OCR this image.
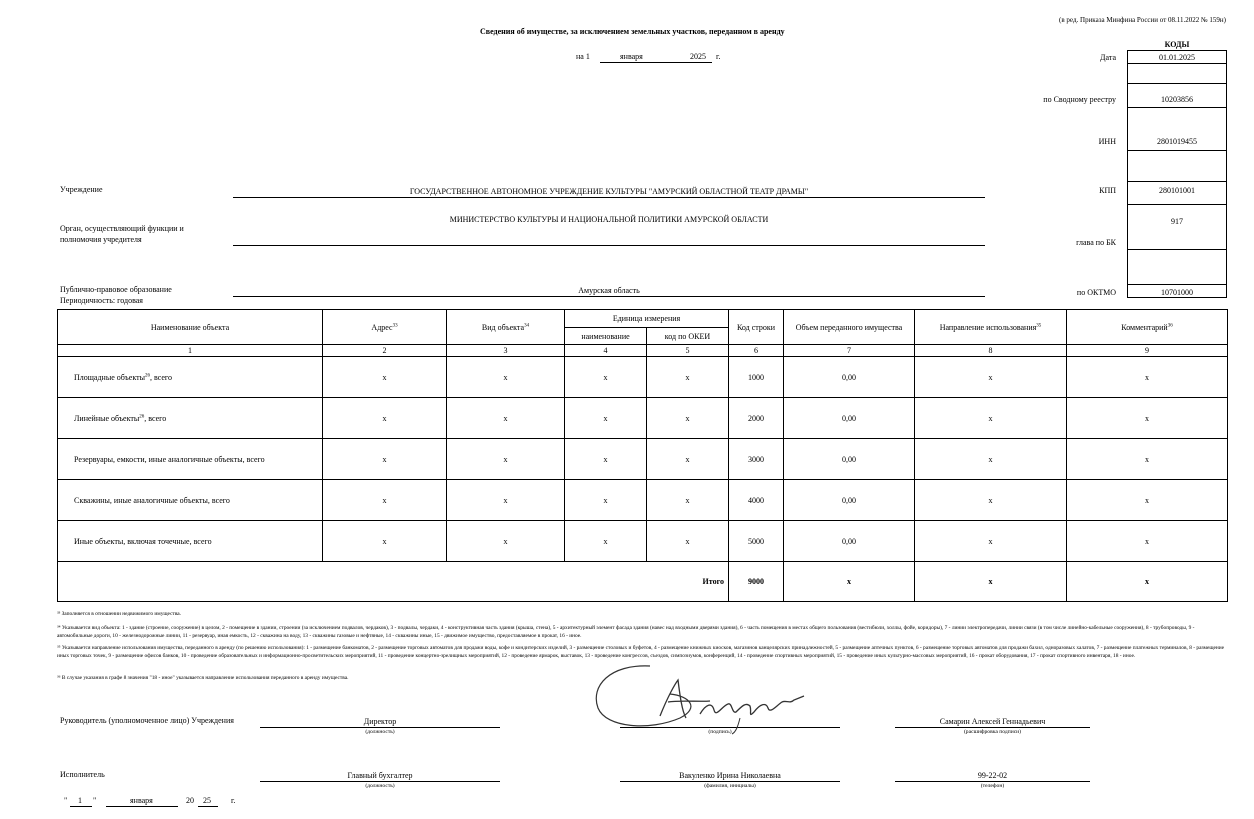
(в ред. Приказа Минфина России от 08.11.2022 № 159н)
Сведения об имуществе, за исключением земельных участков, переданном в аренду
на 1	января	2025 г.
КОДЫ
Дата	01.01.2025
по Сводному реестру	10203856
ИНН	2801019455
КПП	280101001
917
глава по БК
по ОКТМО	10701000
Учреждение	ГОСУДАРСТВЕННОЕ АВТОНОМНОЕ УЧРЕЖДЕНИЕ КУЛЬТУРЫ "АМУРСКИЙ ОБЛАСТНОЙ ТЕАТР ДРАМЫ"
Орган, осуществляющий функции и
полномочия учредителя
МИНИСТЕРСТВО КУЛЬТУРЫ И НАЦИОНАЛЬНОЙ ПОЛИТИКИ АМУРСКОЙ ОБЛАСТИ
Публично-правовое образование	Амурская область
Периодичность: годовая
Наименование объекта	Адрес$^{33}$	Вид объекта$^{34}$	Единица измерения		Код строки	Объем переданного имущества	Направление использования$^{35}$	Комментарий$^{36}$
			наименование	код по ОКЕИ				
1	2	3	4	5	6	7	8	9
Площадные объекты$^{26}$, всего	х	х	х	х	1000	0,00	х	х
Линейные объекты$^{26}$, всего	х	х	х	х	2000	0,00	х	х
Резервуары, емкости, иные аналогичные объекты, всего	х	х	х	х	3000	0,00	х	х
Скважины, иные аналогичные объекты, всего	х	х	х	х	4000	0,00	х	х
Иные объекты, включая точечные, всего	х	х	х	х	5000	0,00	х	х
Итого					9000	х	х	х
³³ Заполняется в отношении недвижимого имущества.
³⁴ Указывается вид объекта: 1 - здание (строение, сооружение) в целом, 2 - помещение в здании, строении (за исключением подвалов, чердаков), 3 - подвалы, чердаки, 4 - конструктивная часть здания (крыша, стена), 5 - архитектурный элемент фасада здания (навес над входными дверями здания), 6 - часть помещения в местах общего пользования (вестибюли, холлы, фойе, коридоры), 7 - линии электропередачи, линии связи (в том числе линейно-кабельные сооружения), 8 - трубопроводы, 9 - автомобильные дороги, 10 - железнодорожные линии, 11 - резервуар, иная емкость, 12 - скважина на воду, 13 - скважины газовые и нефтяные, 14 - скважины иные, 15 - движимое имущество, предоставляемое в прокат, 16 - иное.
³⁵ Указывается направление использования имущества, переданного в аренду (по решению использования): 1 - размещение банкоматов, 2 - размещение торговых автоматов для продажи воды, кофе и кондитерских изделий, 3 - размещение столовых и буфетов, 4 - размещение книжных киосков, магазинов канцелярских принадлежностей, 5 - размещение аптечных пунктов, 6 - размещение торговых автоматов для продажи бахил, одноразовых халатов, 7 - размещение платежных терминалов, 8 - размещение иных торговых точек, 9 - размещение офисов банков, 10 - проведение образовательных и информационно-просветительских мероприятий, 11 - проведение концертно-зрелищных мероприятий, 12 - проведение ярмарок, выставок, 13 - проведение конгрессов, съездов, симпозиумов, конференций, 14 - проведение спортивных мероприятий, 15 - проведение иных культурно-массовых мероприятий, 16 - прокат оборудования, 17 - прокат спортивного инвентаря, 18 - иное.
³⁶ В случае указания в графе 8 значения "18 - иное" указывается направление использования переданного в аренду имущества.
Руководитель (уполномоченное лицо) Учреждения	Директор
(должность)	(подпись)
Самарин Алексей Геннадьевич
(расшифровка подписи)
Исполнитель	Главный бухгалтер
(должность)
Вакуленко Ирина Николаевна
(фамилия, инициалы)
99-22-02
(телефон)
" 1 "	января	20 25	г.
